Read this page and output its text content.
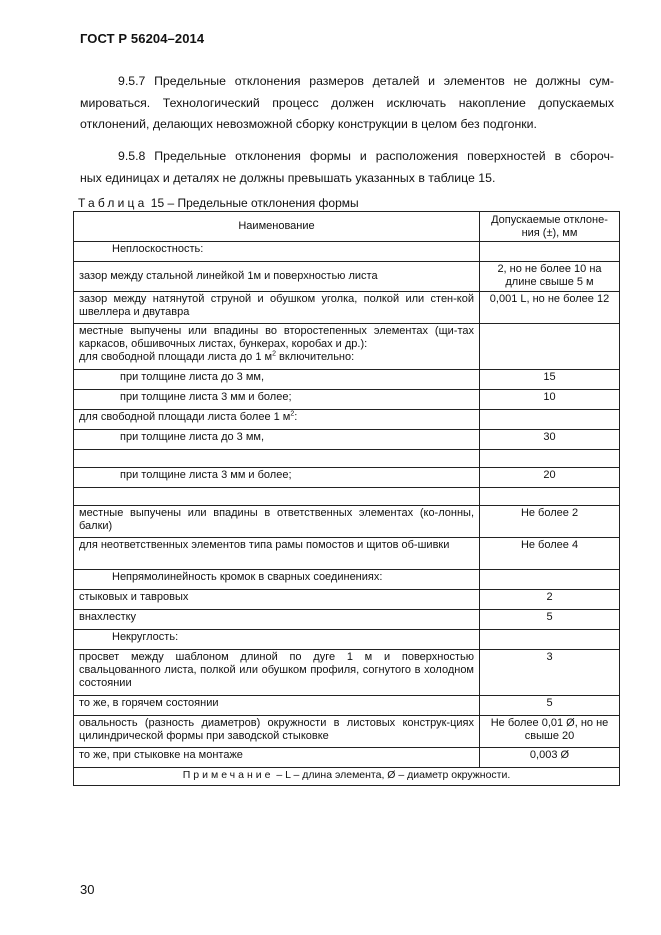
ГОСТ Р 56204–2014
9.5.7 Предельные отклонения размеров деталей и элементов не должны сум-
мироваться. Технологический процесс должен исключать накопление допускаемых
отклонений, делающих невозможной сборку конструкции в целом без подгонки.
9.5.8 Предельные отклонения формы и расположения поверхностей в сбороч-
ных единицах и деталях не должны превышать указанных в таблице 15.
Таблица 15 – Предельные отклонения формы
Наименование	Допускаемые отклоне-ния (±), мм
Неплоскостность:	
зазор между стальной линейкой 1м и поверхностью листа	2, но не более 10 на длине свыше 5 м
зазор между натянутой струной и обушком уголка, полкой или стен-кой швеллера и двутавра	0,001 L, но не более 12
местные выпучены или впадины во второстепенных элементах (щи-тах каркасов, обшивочных листах, бункерах, коробах и др.):
для свободной площади листа до 1 $м^2$ включительно:	
при толщине листа до 3 мм,	15
при толщине листа 3 мм и более;	10
для свободной площади листа более 1 $м^2$:	
при толщине листа до 3 мм,	30

при толщине листа 3 мм и более;	20

местные выпучены или впадины в ответственных элементах (ко-лонны, балки)	Не более 2
для неответственных элементов типа рамы помостов и щитов об-шивки	Не более 4
Непрямолинейность кромок в сварных соединениях:	
стыковых и тавровых	2
внахлестку	5
Некруглость:	
просвет между шаблоном длиной по дуге 1 м и поверхностью свальцованного листа, полкой или обушком профиля, согнутого в холодном состоянии	3
то же, в горячем состоянии	5
овальность (разность диаметров) окружности в листовых конструк-циях цилиндрической формы при заводской стыковке	Не более 0,01 Ø, но не свыше 20
то же, при стыковке на монтаже	0,003 Ø
Примечание – L – длина элемента, Ø – диаметр окружности.	
30
